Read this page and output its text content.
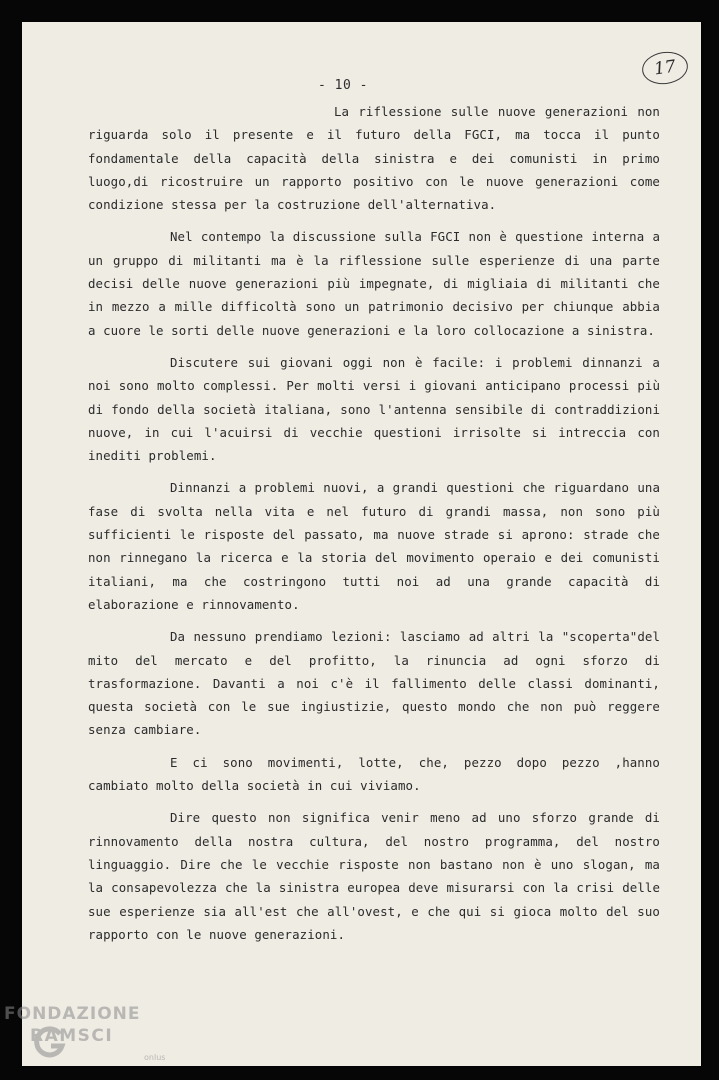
- 10 -
17

La riflessione sulle nuove generazioni non riguarda solo il presente e il futuro della FGCI, ma tocca il punto fondamentale della capacità della sinistra e dei comunisti in primo luogo,di ricostruire un rapporto positivo con le nuove generazioni come condizione stessa per la costruzione dell'alternativa.

Nel contempo la discussione sulla FGCI non è questione interna a un gruppo di militanti ma è la riflessione sulle esperienze di una parte decisi delle nuove generazioni più impegnate, di migliaia di militanti che in mezzo a mille difficoltà sono un patrimonio decisivo per chiunque abbia a cuore le sorti delle nuove generazioni e la loro collocazione a sinistra.

Discutere sui giovani oggi non è facile: i problemi dinnanzi a noi sono molto complessi. Per molti versi i giovani anticipano processi più di fondo della società italiana, sono l'antenna sensibile di contraddizioni nuove, in cui l'acuirsi di vecchie questioni irrisolte si intreccia con inediti problemi.

Dinnanzi a problemi nuovi, a grandi questioni che riguardano una fase di svolta nella vita e nel futuro di grandi massa, non sono più sufficienti le risposte del passato, ma nuove strade si aprono: strade che non rinnegano la ricerca e la storia del movimento operaio e dei comunisti italiani, ma che costringono tutti noi ad una grande capacità di elaborazione e rinnovamento.

Da nessuno prendiamo lezioni: lasciamo ad altri la "scoperta"del mito del mercato e del profitto, la rinuncia ad ogni sforzo di trasformazione. Davanti a noi c'è il fallimento delle classi dominanti, questa società con le sue ingiustizie, questo mondo che non può reggere senza cambiare.

E ci sono movimenti, lotte, che, pezzo dopo pezzo ,hanno cambiato molto della società in cui viviamo.

Dire questo non significa venir meno ad uno sforzo grande di rinnovamento della nostra cultura, del nostro programma, del nostro linguaggio. Dire che le vecchie risposte non bastano non è uno slogan, ma la consapevolezza che la sinistra europea deve misurarsi con la crisi delle sue esperienze sia all'est che all'ovest, e che qui si gioca molto del suo rapporto con le nuove generazioni.

FONDAZIONE
RAMSCI
onlus
